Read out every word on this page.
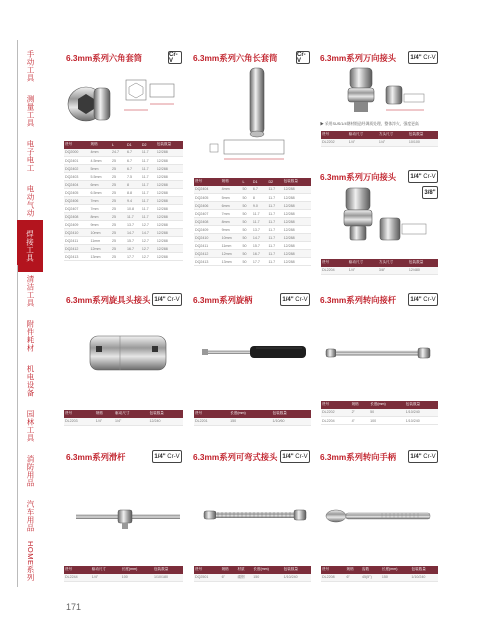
手动工具
测量工具
电子电工
电动气动
焊接工具
清洁工具
附件耗材
机电设备
园林工具
消防用品
汽车用品
HOME系列
171
6.3mm系列六角套筒	Cr-V	6.3mm系列六角长套筒	Cr-V	6.3mm系列万向接头 1/4"
Cr-V
6.3mm系列万向接头 1/4"
Cr-V
3/8"
6.3mm系列旋具头接头 1/4"
Cr-V 6.3mm系列旋柄	1/4"
Cr-V 6.3mm系列转向接杆 1/4"
Cr-V
6.3mm系列滑杆	1/4"
Cr-V 6.3mm系列可弯式接头 1/4"
Cr-V 6.3mm系列转向手柄 1/4"
Cr-V
▶ 采用SUS/1/4钢材锻造经调质处理，整体淬火，强度更高
货号	规格	L	D1	D2	包装数量
DQ2000	4mm	24.7	6.7	11.7	12/288
DQ2401	4.5mm	25	6.7	11.7	12/288
DQ2402	5mm	25	6.7	11.7	12/288
DQ2403	5.5mm	25	7.5	11.7	12/288
DQ2404	6mm	25	8	11.7	12/288
DQ2405	6.5mm	25	8.8	11.7	12/288
DQ2406	7mm	25	9.4	11.7	12/288
DQ2407	7mm	25	10.8	11.7	12/288
DQ2408	8mm	25	11.7	11.7	12/288
DQ2409	9mm	25	13.7	12.7	12/288
DQ2410	10mm	25	14.7	14.7	12/288
DQ2411	11mm	25	15.7	12.7	12/288
DQ2412	12mm	25	16.7	12.7	12/288
DQ2413	13mm	25	17.7	12.7	12/288
货号	规格	L	D1	D2	包装数量
DQ2404	4mm	50	6.7	11.7	12/288
DQ2405	5mm	50	8	11.7	12/288
DQ2406	6mm	50	9.0	11.7	12/288
DQ2407	7mm	50	11.7	11.7	12/288
DQ2408	8mm	50	11.7	11.7	12/288
DQ2409	9mm	50	13.7	11.7	12/288
DQ2410	10mm	50	14.7	11.7	12/288
DQ2411	11mm	50	15.7	11.7	12/288
DQ2412	12mm	50	16.7	11.7	12/288
DQ2413	13mm	50	17.7	11.7	12/288
货号	驱动尺寸	方头尺寸	包装数量
DL2202	1/4"	1/4"	10/100
货号	驱动尺寸	方头尺寸	包装数量
DL2204	1/4"	3/8"	12/480
货号	规格	驱动尺寸	包装数量
DL2203	1/4"	1/4"	12/240
货号	长度(mm)	包装数量
DL2201	150	1/10/60
货号	规格	长度(mm)	包装数量
DL2202	2"	50	1/10/240
DL2204	4"	100	1/10/240
货号	驱动尺寸	长度(mm)	包装数量
DL2244	1/4"	100	1/10/180
货号	规格	材质	长度(mm)	包装数量
DQ2501	6"	碳钢	150	1/10/240
货号	规格	齿数	长度(mm)	包装数量
DL2208	6"	45(5°)	150	1/10/240
